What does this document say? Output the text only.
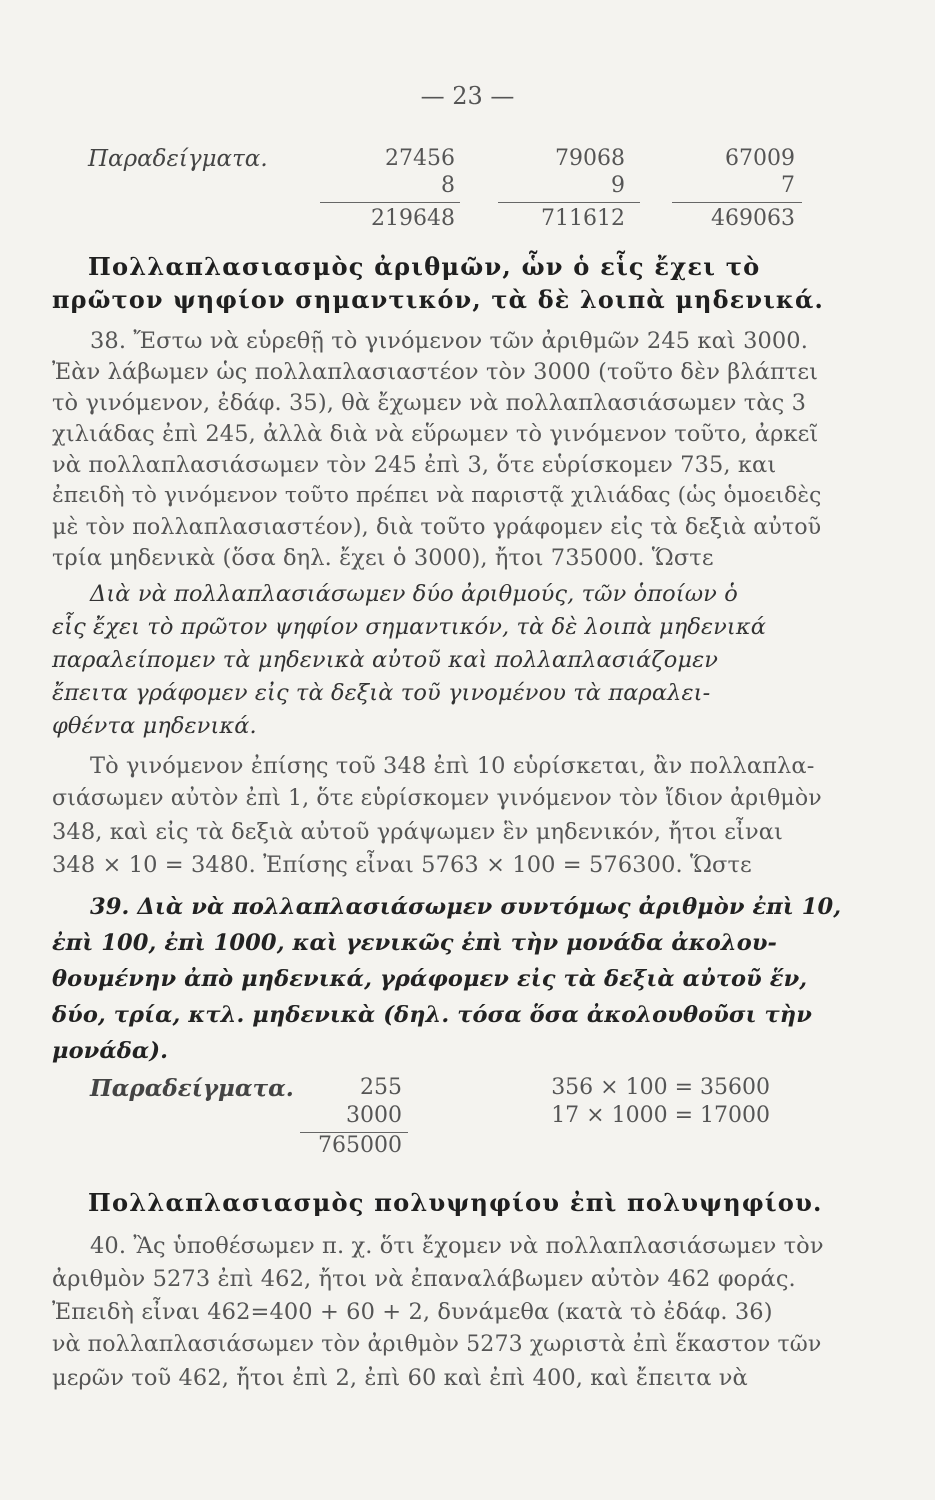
— 23 —
Παραδείγματα.	27456
8
219648
79068
9
711612
67009
7
469063
Πολλαπλασιασμὸς ἀριθμῶν, ὧν ὁ εἷς ἔχει τὸ
πρῶτον ψηφίον σημαντικόν, τὰ δὲ λοιπὰ μηδενικά.
38. Ἔστω νὰ εὑρεθῇ τὸ γινόμενον τῶν ἀριθμῶν 245 καὶ 3000.
Ἐὰν λάβωμεν ὡς πολλαπλασιαστέον τὸν 3000 (τοῦτο δὲν βλάπτει
τὸ γινόμενον, ἐδάφ. 35), θὰ ἔχωμεν νὰ πολλαπλασιάσωμεν τὰς 3
χιλιάδας ἐπὶ 245, ἀλλὰ διὰ νὰ εὕρωμεν τὸ γινόμενον τοῦτο, ἀρκεῖ
νὰ πολλαπλασιάσωμεν τὸν 245 ἐπὶ 3, ὅτε εὑρίσκομεν 735, και
ἐπειδὴ τὸ γινόμενον τοῦτο πρέπει νὰ παριστᾷ χιλιάδας (ὡς ὁμοειδὲς
μὲ τὸν πολλαπλασιαστέον), διὰ τοῦτο γράφομεν εἰς τὰ δεξιὰ αὐτοῦ
τρία μηδενικὰ (ὅσα δηλ. ἔχει ὁ 3000), ἤτοι 735000. Ὥστε
Διὰ νὰ πολλαπλασιάσωμεν δύο ἀριθμούς, τῶν ὁποίων ὁ
εἷς ἔχει τὸ πρῶτον ψηφίον σημαντικόν, τὰ δὲ λοιπὰ μηδενικά
παραλείπομεν τὰ μηδενικὰ αὐτοῦ καὶ πολλαπλασιάζομεν
ἔπειτα γράφομεν εἰς τὰ δεξιὰ τοῦ γινομένου τὰ παραλει-
φθέντα μηδενικά.
Τὸ γινόμενον ἐπίσης τοῦ 348 ἐπὶ 10 εὑρίσκεται, ἂν πολλαπλα-
σιάσωμεν αὐτὸν ἐπὶ 1, ὅτε εὑρίσκομεν γινόμενον τὸν ἴδιον ἀριθμὸν
348, καὶ εἰς τὰ δεξιὰ αὐτοῦ γράψωμεν ἓν μηδενικόν, ἤτοι εἶναι
348 × 10 = 3480. Ἐπίσης εἶναι 5763 × 100 = 576300. Ὥστε
39. Διὰ νὰ πολλαπλασιάσωμεν συντόμως ἀριθμὸν ἐπὶ 10,
ἐπὶ 100, ἐπὶ 1000, καὶ γενικῶς ἐπὶ τὴν μονάδα ἀκολου-
θουμένην ἀπὸ μηδενικά, γράφομεν εἰς τὰ δεξιὰ αὐτοῦ ἕν,
δύο, τρία, κτλ. μηδενικὰ (δηλ. τόσα ὅσα ἀκολουθοῦσι τὴν
μονάδα).
Παραδείγματα.	255
3000
765000
356 × 100 = 35600
17 × 1000 = 17000
Πολλαπλασιασμὸς πολυψηφίου ἐπὶ πολυψηφίου.
40. Ἂς ὑποθέσωμεν π. χ. ὅτι ἔχομεν νὰ πολλαπλασιάσωμεν τὸν
ἀριθμὸν 5273 ἐπὶ 462, ἤτοι νὰ ἐπαναλάβωμεν αὐτὸν 462 φοράς.
Ἐπειδὴ εἶναι 462=400 + 60 + 2, δυνάμεθα (κατὰ τὸ ἐδάφ. 36)
νὰ πολλαπλασιάσωμεν τὸν ἀριθμὸν 5273 χωριστὰ ἐπὶ ἕκαστον τῶν
μερῶν τοῦ 462, ἤτοι ἐπὶ 2, ἐπὶ 60 καὶ ἐπὶ 400, καὶ ἔπειτα νὰ
